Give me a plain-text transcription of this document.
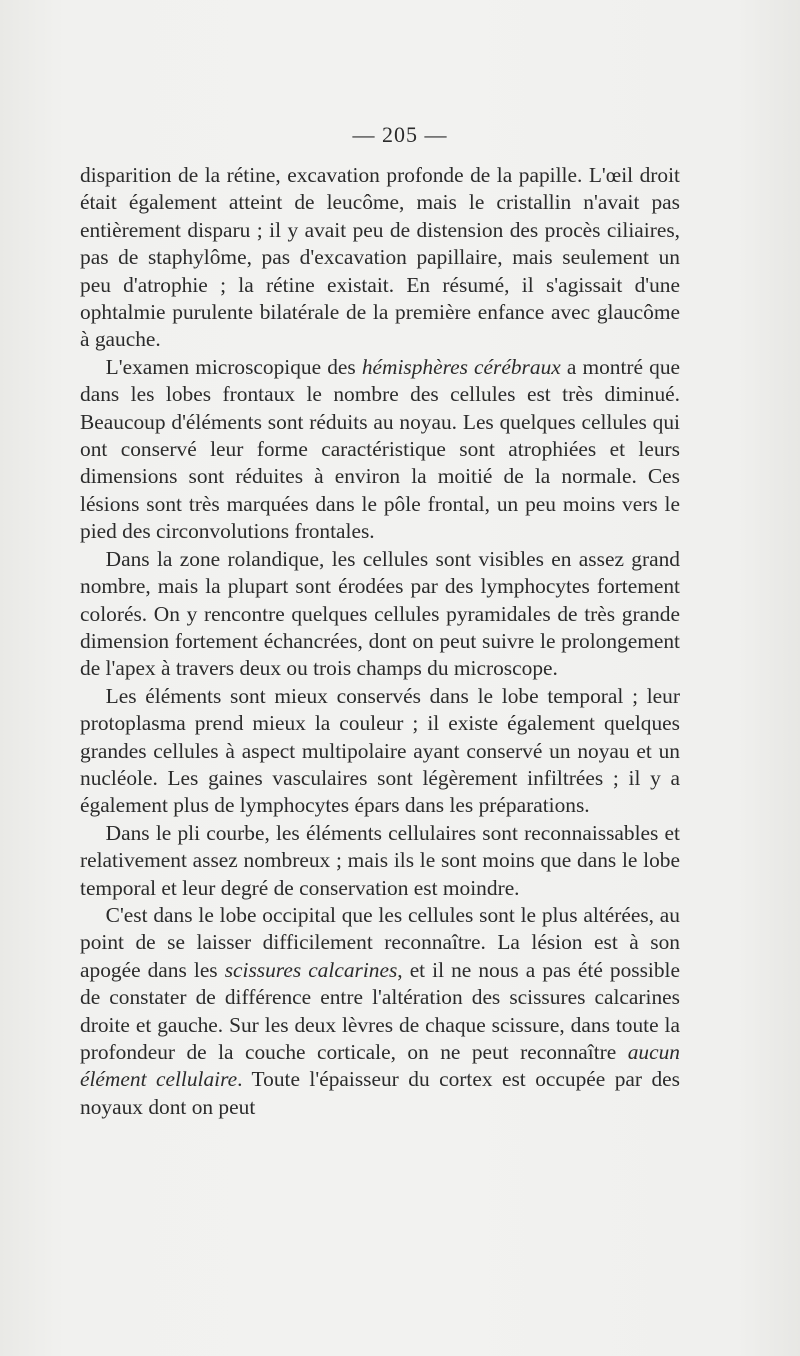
— 205 —

disparition de la rétine, excavation profonde de la papille. L'œil droit était également atteint de leucôme, mais le cristallin n'avait pas entièrement disparu ; il y avait peu de distension des procès ciliaires, pas de staphylôme, pas d'excavation papillaire, mais seulement un peu d'atrophie ; la rétine existait. En résumé, il s'agissait d'une ophtalmie purulente bilatérale de la première enfance avec glaucôme à gauche.

L'examen microscopique des hémisphères cérébraux a montré que dans les lobes frontaux le nombre des cellules est très diminué. Beaucoup d'éléments sont réduits au noyau. Les quelques cellules qui ont conservé leur forme caractéristique sont atrophiées et leurs dimensions sont réduites à environ la moitié de la normale. Ces lésions sont très marquées dans le pôle frontal, un peu moins vers le pied des circonvolutions frontales.

Dans la zone rolandique, les cellules sont visibles en assez grand nombre, mais la plupart sont érodées par des lymphocytes fortement colorés. On y rencontre quelques cellules pyramidales de très grande dimension fortement échancrées, dont on peut suivre le prolongement de l'apex à travers deux ou trois champs du microscope.

Les éléments sont mieux conservés dans le lobe temporal ; leur protoplasma prend mieux la couleur ; il existe également quelques grandes cellules à aspect multipolaire ayant conservé un noyau et un nucléole. Les gaines vasculaires sont légèrement infiltrées ; il y a également plus de lymphocytes épars dans les préparations.

Dans le pli courbe, les éléments cellulaires sont reconnaissables et relativement assez nombreux ; mais ils le sont moins que dans le lobe temporal et leur degré de conservation est moindre.

C'est dans le lobe occipital que les cellules sont le plus altérées, au point de se laisser difficilement reconnaître. La lésion est à son apogée dans les scissures calcarines, et il ne nous a pas été possible de constater de différence entre l'altération des scissures calcarines droite et gauche. Sur les deux lèvres de chaque scissure, dans toute la profondeur de la couche corticale, on ne peut reconnaître aucun élément cellulaire. Toute l'épaisseur du cortex est occupée par des noyaux dont on peut
